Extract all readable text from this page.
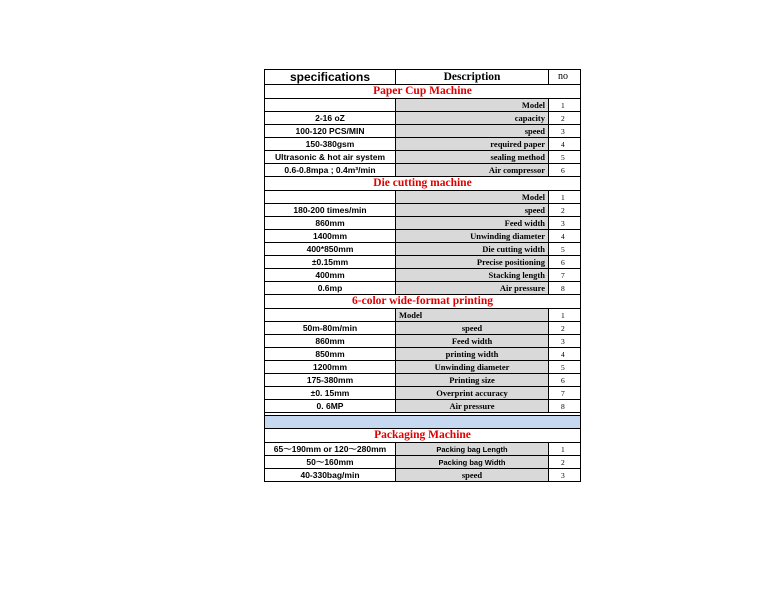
specifications	Description	no
Paper Cup Machine		
	Model	1
2-16 oZ	capacity	2
100-120 PCS/MIN	speed	3
150-380gsm	required paper	4
Ultrasonic & hot air system	sealing method	5
0.6-0.8mpa ; 0.4m³/min	Air compressor	6
Die cutting machine		
	Model	1
180-200 times/min	speed	2
860mm	Feed width	3
1400mm	Unwinding diameter	4
400*850mm	Die cutting width	5
±0.15mm	Precise positioning	6
400mm	Stacking length	7
0.6mp	Air pressure	8
6-color wide-format printing		
	Model	1
50m-80m/min	speed	2
860mm	Feed width	3
850mm	printing width	4
1200mm	Unwinding diameter	5
175-380mm	Printing size	6
±0. 15mm	Overprint accuracy	7
0. 6MP	Air pressure	8

Packaging Machine		
65～190mm or 120～280mm	Packing bag Length	1
50～160mm	Packing bag Width	2
40-330bag/min	speed	3
